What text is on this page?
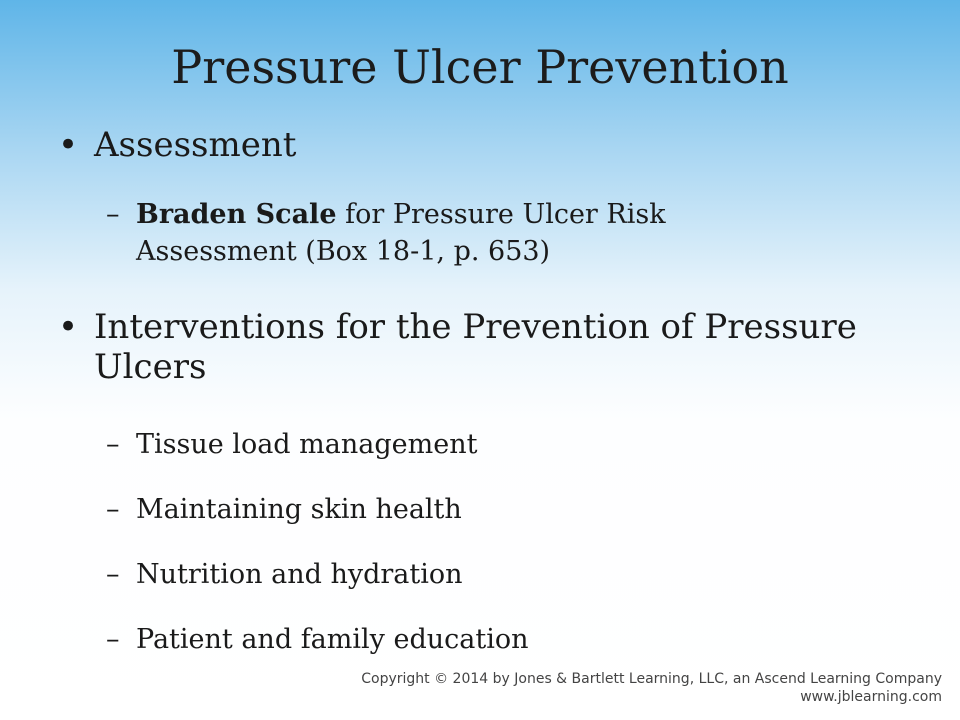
Pressure Ulcer Prevention
• Assessment
– Braden Scale for Pressure Ulcer Risk
Assessment (Box 18-1, p. 653)
• Interventions for the Prevention of Pressure
Ulcers
– Tissue load management
– Maintaining skin health
– Nutrition and hydration
– Patient and family education
Copyright © 2014 by Jones & Bartlett Learning, LLC, an Ascend Learning Company
www.jblearning.com
